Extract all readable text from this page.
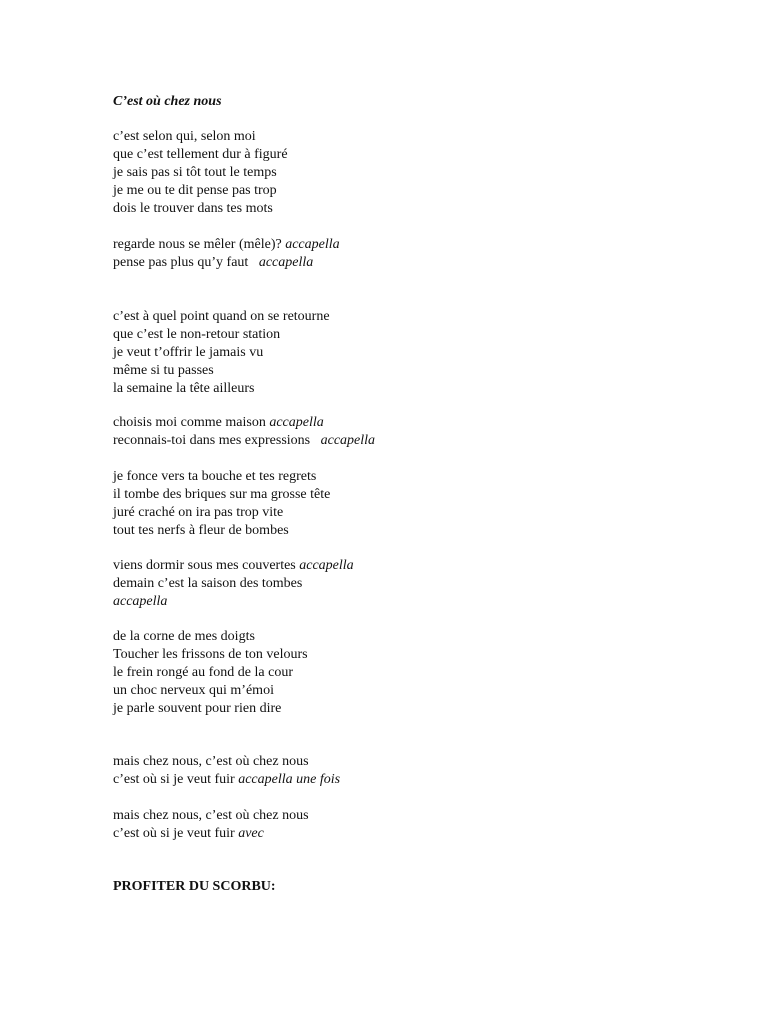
C’est où chez nous
c’est selon qui, selon moi
que c’est tellement dur à figuré
je sais pas si tôt tout le temps
je me ou te dit pense pas trop
dois le trouver dans tes mots
regarde nous se mêler (mêle)? accapella
pense pas plus qu’y faut   accapella
c’est à quel point quand on se retourne
que c’est le non-retour station
je veut t’offrir le jamais vu
même si tu passes
la semaine la tête ailleurs
choisis moi comme maison accapella
reconnais-toi dans mes expressions   accapella
je fonce vers ta bouche et tes regrets
il tombe des briques sur ma grosse tête
juré craché on ira pas trop vite
tout tes nerfs à fleur de bombes
viens dormir sous mes couvertes accapella
demain c’est la saison des tombes
accapella
de la corne de mes doigts
Toucher les frissons de ton velours
le frein rongé au fond de la cour
un choc nerveux qui m’émoi
je parle souvent pour rien dire
mais chez nous, c’est où chez nous
c’est où si je veut fuir accapella une fois
mais chez nous, c’est où chez nous
c’est où si je veut fuir avec
PROFITER DU SCORBU:
